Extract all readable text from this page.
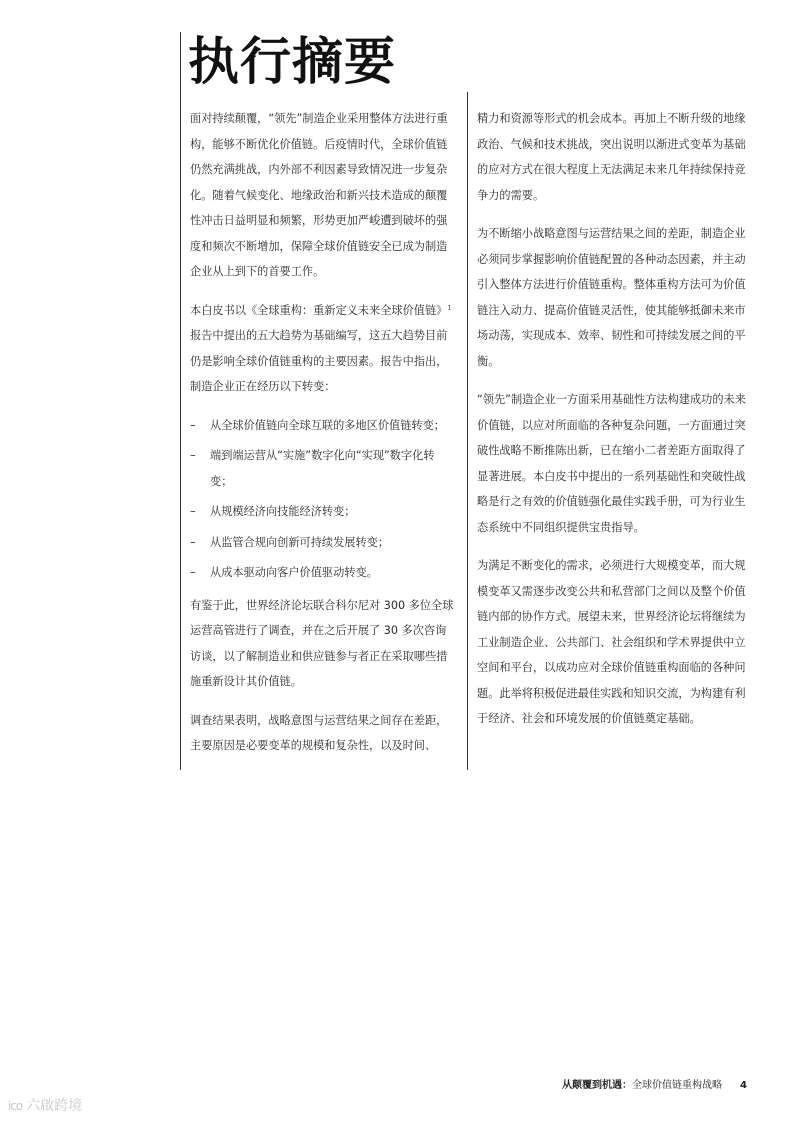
执行摘要

面对持续颠覆，“领先”制造企业采用整体方法进行重构，能够不断优化价值链。后疫情时代，全球价值链仍然充满挑战，内外部不利因素导致情况进一步复杂化。随着气候变化、地缘政治和新兴技术造成的颠覆性冲击日益明显和频繁，形势更加严峻遭到破坏的强度和频次不断增加，保障全球价值链安全已成为制造企业从上到下的首要工作。

本白皮书以《全球重构：重新定义未来全球价值链》$^1$
报告中提出的五大趋势为基础编写，这五大趋势目前仍是影响全球价值链重构的主要因素。报告中指出，制造企业正在经历以下转变：

– 从全球价值链向全球互联的多地区价值链转变；
– 端到端运营从“实施”数字化向“实现”数字化转变；
– 从规模经济向技能经济转变；
– 从监管合规向创新可持续发展转变；
– 从成本驱动向客户价值驱动转变。

有鉴于此，世界经济论坛联合科尔尼对 300 多位全球运营高管进行了调查，并在之后开展了 30 多次咨询访谈，以了解制造业和供应链参与者正在采取哪些措施重新设计其价值链。

调查结果表明，战略意图与运营结果之间存在差距，主要原因是必要变革的规模和复杂性，以及时间、

精力和资源等形式的机会成本。再加上不断升级的地缘政治、气候和技术挑战，突出说明以渐进式变革为基础的应对方式在很大程度上无法满足未来几年持续保持竞争力的需要。

为不断缩小战略意图与运营结果之间的差距，制造企业必须同步掌握影响价值链配置的各种动态因素，并主动引入整体方法进行价值链重构。整体重构方法可为价值链注入动力、提高价值链灵活性，使其能够抵御未来市场动荡，实现成本、效率、韧性和可持续发展之间的平衡。

“领先”制造企业一方面采用基础性方法构建成功的未来价值链，以应对所面临的各种复杂问题，一方面通过突破性战略不断推陈出新，已在缩小二者差距方面取得了显著进展。本白皮书中提出的一系列基础性和突破性战略是行之有效的价值链强化最佳实践手册，可为行业生态系统中不同组织提供宝贵指导。

为满足不断变化的需求，必须进行大规模变革，而大规模变革又需逐步改变公共和私营部门之间以及整个价值链内部的协作方式。展望未来，世界经济论坛将继续为工业制造企业、公共部门、社会组织和学术界提供中立空间和平台，以成功应对全球价值链重构面临的各种问题。此举将积极促进最佳实践和知识交流，为构建有利于经济、社会和环境发展的价值链奠定基础。

从颠覆到机遇：全球价值链重构战略 4
ico 六啟跨境
